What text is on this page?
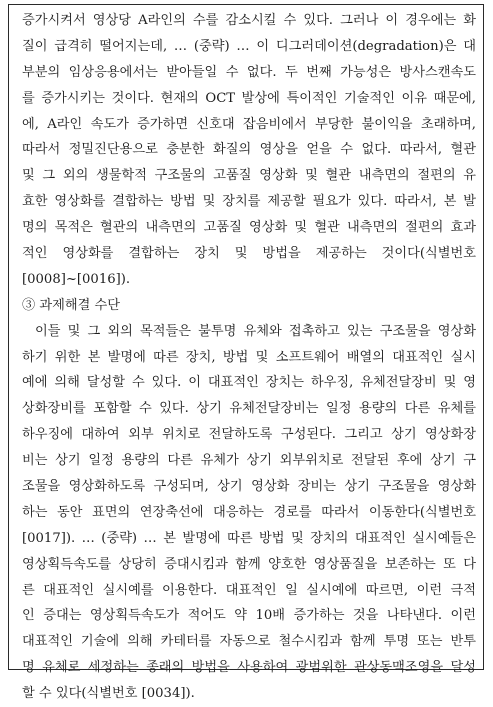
증가시켜서 영상당 A라인의 수를 감소시킬 수 있다. 그러나 이 경우에는 화
질이 급격히 떨어지는데, … (중략) … 이 디그러데이션(degradation)은 대
부분의 임상응용에서는 받아들일 수 없다. 두 번째 가능성은 방사스캔속도
를 증가시키는 것이다. 현재의 OCT 발상에 특이적인 기술적인 이유 때문에,
에, A라인 속도가 증가하면 신호대 잡음비에서 부당한 불이익을 초래하며,
따라서 정밀진단용으로 충분한 화질의 영상을 얻을 수 없다. 따라서, 혈관
및 그 외의 생물학적 구조물의 고품질 영상화 및 혈관 내측면의 절편의 유
효한 영상화를 결합하는 방법 및 장치를 제공할 필요가 있다. 따라서, 본 발
명의 목적은 혈관의 내측면의 고품질 영상화 및 혈관 내측면의 절편의 효과
적인 영상화를 결합하는 장치 및 방법을 제공하는 것이다(식별번호
[0008]~[0016]).
③ 과제해결 수단
이들 및 그 외의 목적들은 불투명 유체와 접촉하고 있는 구조물을 영상화
하기 위한 본 발명에 따른 장치, 방법 및 소프트웨어 배열의 대표적인 실시
예에 의해 달성할 수 있다. 이 대표적인 장치는 하우징, 유체전달장비 및 영
상화장비를 포함할 수 있다. 상기 유체전달장비는 일정 용량의 다른 유체를
하우징에 대하여 외부 위치로 전달하도록 구성된다. 그리고 상기 영상화장
비는 상기 일정 용량의 다른 유체가 상기 외부위치로 전달된 후에 상기 구
조물을 영상화하도록 구성되며, 상기 영상화 장비는 상기 구조물을 영상화
하는 동안 표면의 연장축선에 대응하는 경로를 따라서 이동한다(식별번호
[0017]). … (중략) … 본 발명에 따른 방법 및 장치의 대표적인 실시예들은
영상획득속도를 상당히 증대시킴과 함께 양호한 영상품질을 보존하는 또 다
른 대표적인 실시예를 이용한다. 대표적인 일 실시예에 따르면, 이런 극적
인 증대는 영상획득속도가 적어도 약 10배 증가하는 것을 나타낸다. 이런
대표적인 기술에 의해 카테터를 자동으로 철수시킴과 함께 투명 또는 반투
명 유체로 세정하는 종래의 방법을 사용하여 광범위한 관상동맥조영을 달성
할 수 있다(식별번호 [0034]).
